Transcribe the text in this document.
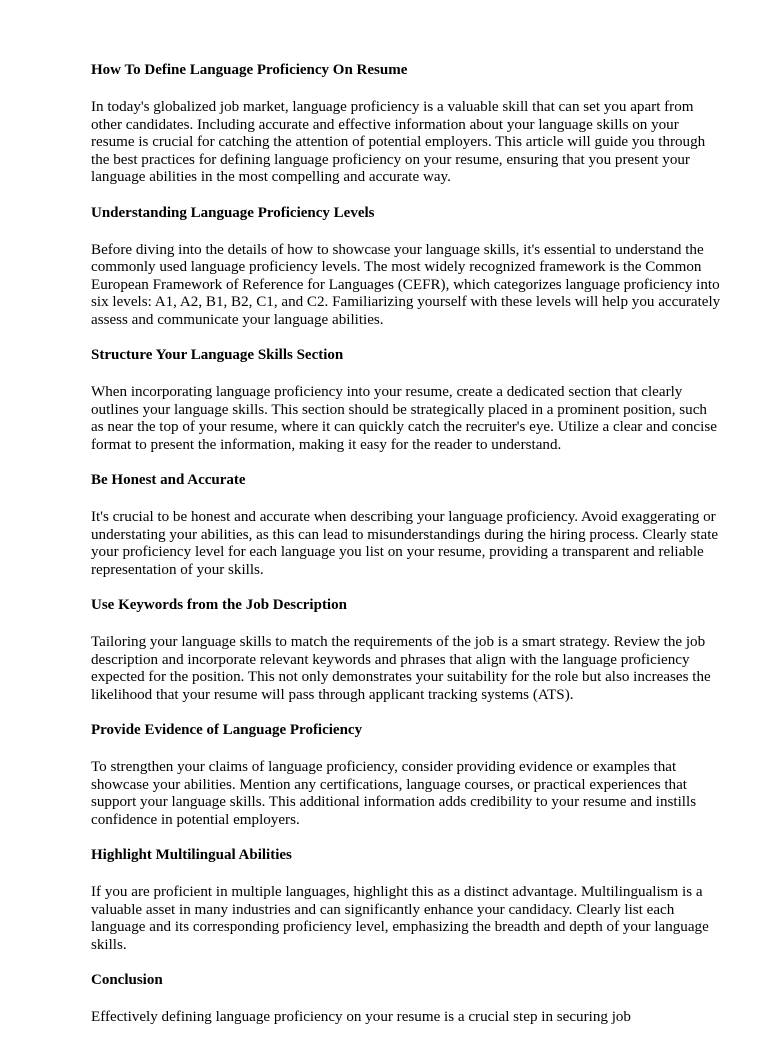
How To Define Language Proficiency On Resume

In today's globalized job market, language proficiency is a valuable skill that can set you apart from other candidates. Including accurate and effective information about your language skills on your resume is crucial for catching the attention of potential employers. This article will guide you through the best practices for defining language proficiency on your resume, ensuring that you present your language abilities in the most compelling and accurate way.

Understanding Language Proficiency Levels

Before diving into the details of how to showcase your language skills, it's essential to understand the commonly used language proficiency levels. The most widely recognized framework is the Common European Framework of Reference for Languages (CEFR), which categorizes language proficiency into six levels: A1, A2, B1, B2, C1, and C2. Familiarizing yourself with these levels will help you accurately assess and communicate your language abilities.

Structure Your Language Skills Section

When incorporating language proficiency into your resume, create a dedicated section that clearly outlines your language skills. This section should be strategically placed in a prominent position, such as near the top of your resume, where it can quickly catch the recruiter's eye. Utilize a clear and concise format to present the information, making it easy for the reader to understand.

Be Honest and Accurate

It's crucial to be honest and accurate when describing your language proficiency. Avoid exaggerating or understating your abilities, as this can lead to misunderstandings during the hiring process. Clearly state your proficiency level for each language you list on your resume, providing a transparent and reliable representation of your skills.

Use Keywords from the Job Description

Tailoring your language skills to match the requirements of the job is a smart strategy. Review the job description and incorporate relevant keywords and phrases that align with the language proficiency expected for the position. This not only demonstrates your suitability for the role but also increases the likelihood that your resume will pass through applicant tracking systems (ATS).

Provide Evidence of Language Proficiency

To strengthen your claims of language proficiency, consider providing evidence or examples that showcase your abilities. Mention any certifications, language courses, or practical experiences that support your language skills. This additional information adds credibility to your resume and instills confidence in potential employers.

Highlight Multilingual Abilities

If you are proficient in multiple languages, highlight this as a distinct advantage. Multilingualism is a valuable asset in many industries and can significantly enhance your candidacy. Clearly list each language and its corresponding proficiency level, emphasizing the breadth and depth of your language skills.

Conclusion

Effectively defining language proficiency on your resume is a crucial step in securing job
